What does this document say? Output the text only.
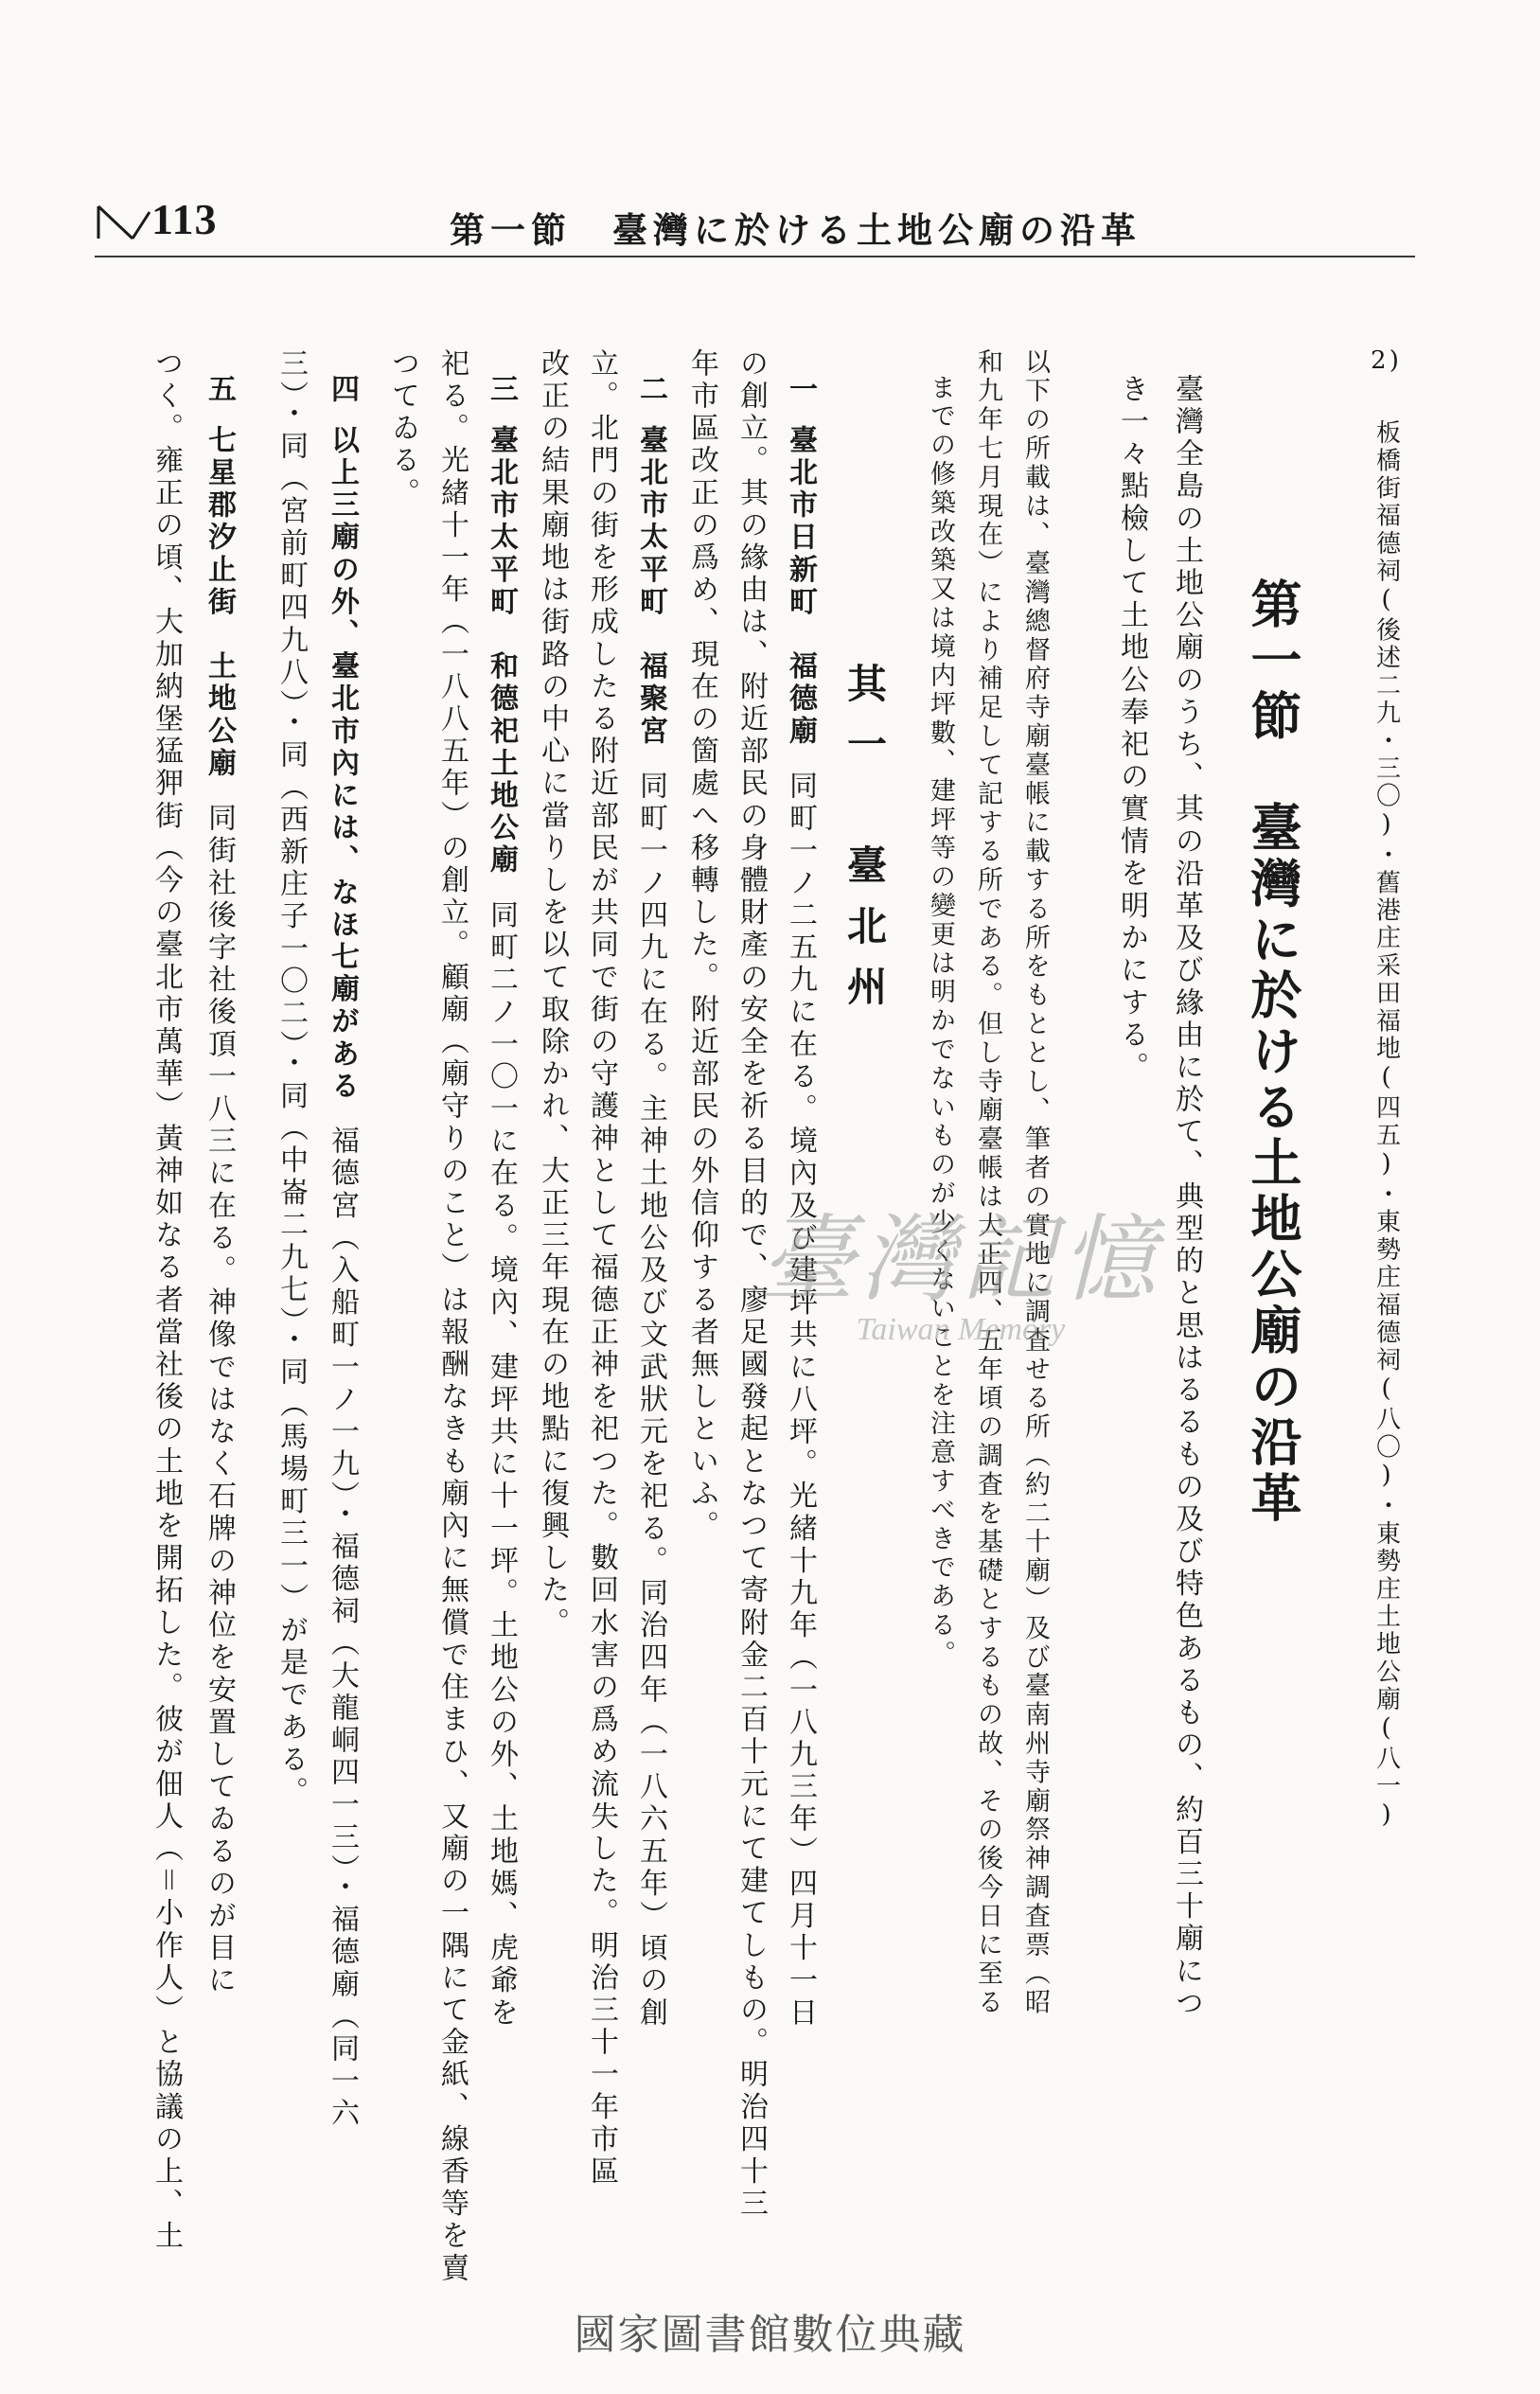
113	第一節　臺灣に於ける土地公廟の沿革
2) 板橋街福德祠(後述二九・三〇)・舊港庄采田福地(四五)・東勢庄福德祠(八〇)・東勢庄土地公廟(八一)
第一節　臺灣に於ける土地公廟の沿革
臺灣全島の土地公廟のうち、其の沿革及び緣由に於て、典型的と思はるるもの及び特色あるもの、約百三十廟につ
き一々點檢して土地公奉祀の實情を明かにする。
以下の所載は、臺灣總督府寺廟臺帳に載する所をもととし、筆者の實地に調査せる所（約二十廟）及び臺南州寺廟祭神調査票（昭
和九年七月現在）により補足して記する所である。但し寺廟臺帳は大正四、五年頃の調査を基礎とするもの故、その後今日に至る
までの修築改築又は境内坪數、建坪等の變更は明かでないものが少くないことを注意すべきである。
其一　臺北州
一臺北市日新町　福德廟同町一ノ二五九に在る。境內及び建坪共に八坪。光緒十九年（一八九三年）四月十一日
の創立。其の緣由は、附近部民の身體財產の安全を祈る目的で、廖足國發起となつて寄附金二百十元にて建てしもの。明治四十三
年市區改正の爲め、現在の箇處へ移轉した。附近部民の外信仰する者無しといふ。
二臺北市太平町　福聚宮同町一ノ四九に在る。主神土地公及び文武狀元を祀る。同治四年（一八六五年）頃の創
立。北門の街を形成したる附近部民が共同で街の守護神として福德正神を祀つた。數回水害の爲め流失した。明治三十一年市區
改正の結果廟地は街路の中心に當りしを以て取除かれ、大正三年現在の地點に復興した。
三臺北市太平町　和德祀土地公廟同町二ノ一〇一に在る。境內、建坪共に十一坪。土地公の外、土地媽、虎爺を
祀る。光緒十一年（一八八五年）の創立。顧廟（廟守りのこと）は報酬なきも廟內に無償で住まひ、又廟の一隅にて金紙、線香等を賣
つてゐる。
四以上三廟の外、臺北市內には、なほ七廟がある福德宮（入船町一ノ一九）・福德祠（大龍峒四一三）・福德廟（同一六
三）・同（宮前町四九八）・同（西新庄子一〇二）・同（中崙二九七）・同（馬場町三一）が是である。
五七星郡汐止街　土地公廟同街社後字社後頂一八三に在る。神像ではなく石牌の神位を安置してゐるのが目に
つく。雍正の頃、大加納堡猛狎街（今の臺北市萬華）黃神如なる者當社後の土地を開拓した。彼が佃人（＝小作人）と協議の上、土	臺灣記憶
Taiwan Memory
國家圖書館數位典藏
